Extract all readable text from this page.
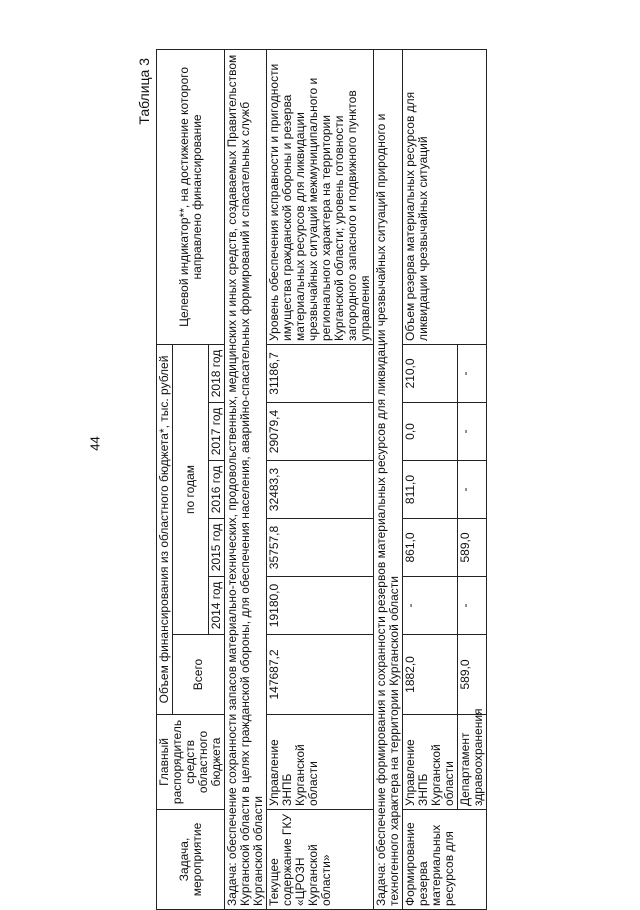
44
Таблица 3
Задача, мероприятие	Главный распорядитель средств областного бюджета	Объем финансирования из областного бюджета*, тыс. рублей						Целевой индикатор**, на достижение которого направлено финансирование
		Всего	по годам					
			2014 год	2015 год	2016 год	2017 год	2018 год	
Задача: обеспечение сохранности запасов материально-технических, продовольственных, медицинских и иных средств, создаваемых Правительством Курганской области в целях гражданской обороны, для обеспечения населения, аварийно-спасательных формирований и спасательных служб Курганской области								
Текущее содержание ГКУ «ЦРОЗН Курганской области»	Управление ЗНПБ Курганской области	147687,2	19180,0	35757,8	32483,3	29079,4	31186,7	Уровень обеспечения исправности и пригодности имущества гражданской обороны и резерва материальных ресурсов для ликвидации чрезвычайных ситуаций межмуниципального и регионального характера на территории Курганской области; уровень готовности загородного запасного и подвижного пунктов управления
Задача: обеспечение формирования и сохранности резервов материальных ресурсов для ликвидации чрезвычайных ситуаций природного и техногенного характера на территории Курганской области								
Формирование резерва материальных ресурсов для	Управление ЗНПБ Курганской области	1882,0	-	861,0	811,0	0,0	210,0	Объем резерва материальных ресурсов для ликвидации чрезвычайных ситуаций
	Департамент здравоохранения	589,0	-	589,0	-	-	-	
